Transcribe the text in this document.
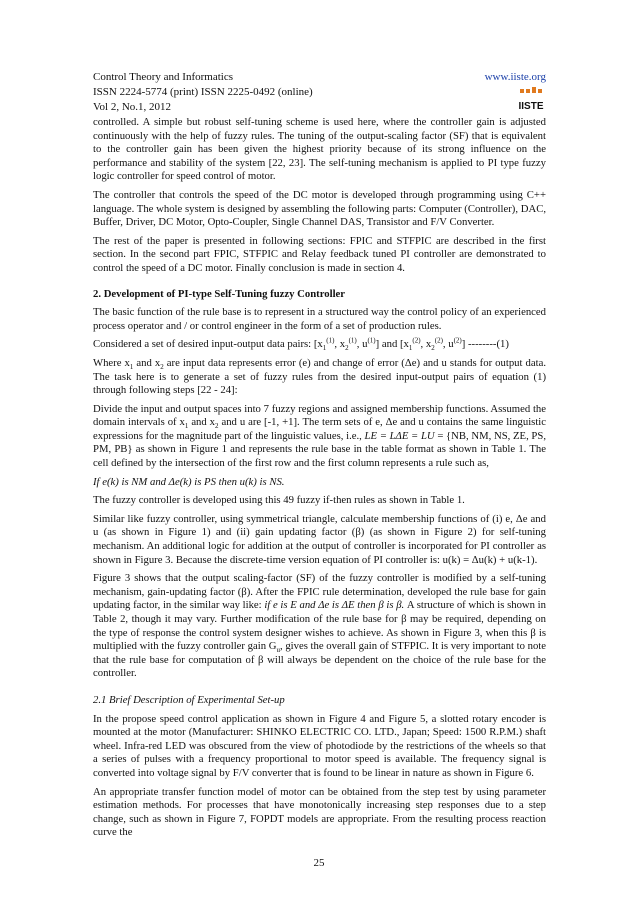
Control Theory and Informatics	www.iiste.org
ISSN 2224-5774 (print) ISSN 2225-0492 (online)
Vol 2, No.1, 2012	IISTE

controlled. A simple but robust self-tuning scheme is used here, where the controller gain is adjusted continuously with the help of fuzzy rules. The tuning of the output-scaling factor (SF) that is equivalent to the controller gain has been given the highest priority because of its strong influence on the performance and stability of the system [22, 23]. The self-tuning mechanism is applied to PI type fuzzy logic controller for speed control of motor.

The controller that controls the speed of the DC motor is developed through programming using C++ language. The whole system is designed by assembling the following parts: Computer (Controller), DAC, Buffer, Driver, DC Motor, Opto-Coupler, Single Channel DAS, Transistor and F/V Converter.

The rest of the paper is presented in following sections: FPIC and STFPIC are described in the first section. In the second part FPIC, STFPIC and Relay feedback tuned PI controller are demonstrated to control the speed of a DC motor. Finally conclusion is made in section 4.

2. Development of PI-type Self-Tuning fuzzy Controller

The basic function of the rule base is to represent in a structured way the control policy of an experienced process operator and / or control engineer in the form of a set of production rules.

Considered a set of desired input-output data pairs: [$x_1^{(1)}$, $x_2^{(1)}$, $u^{(1)}$] and [$x_1^{(2)}$, $x_2^{(2)}$, $u^{(2)}$] --------(1)

Where $x_1$ and $x_2$ are input data represents error (e) and change of error (Δe) and u stands for output data. The task here is to generate a set of fuzzy rules from the desired input-output pairs of equation (1) through following steps [22 - 24]:

Divide the input and output spaces into 7 fuzzy regions and assigned membership functions. Assumed the domain intervals of $x_1$ and $x_2$ and u are [-1, +1]. The term sets of e, Δe and u contains the same linguistic expressions for the magnitude part of the linguistic values, i.e., LE = LΔE = LU = {NB, NM, NS, ZE, PS, PM, PB} as shown in Figure 1 and represents the rule base in the table format as shown in Table 1. The cell defined by the intersection of the first row and the first column represents a rule such as,

If e(k) is NM and Δe(k) is PS then u(k) is NS.

The fuzzy controller is developed using this 49 fuzzy if-then rules as shown in Table 1.

Similar like fuzzy controller, using symmetrical triangle, calculate membership functions of (i) e, Δe and u (as shown in Figure 1) and (ii) gain updating factor (β) (as shown in Figure 2) for self-tuning mechanism. An additional logic for addition at the output of controller is incorporated for PI controller as shown in Figure 3. Because the discrete-time version equation of PI controller is: u(k) = Δu(k) + u(k-1).

Figure 3 shows that the output scaling-factor (SF) of the fuzzy controller is modified by a self-tuning mechanism, gain-updating factor (β). After the FPIC rule determination, developed the rule base for gain updating factor, in the similar way like: if e is E and Δe is ΔE then β is β. A structure of which is shown in Table 2, though it may vary. Further modification of the rule base for β may be required, depending on the type of response the control system designer wishes to achieve. As shown in Figure 3, when this β is multiplied with the fuzzy controller gain $G_u$, gives the overall gain of STFPIC. It is very important to note that the rule base for computation of β will always be dependent on the choice of the rule base for the controller.

2.1 Brief Description of Experimental Set-up

In the propose speed control application as shown in Figure 4 and Figure 5, a slotted rotary encoder is mounted at the motor (Manufacturer: SHINKO ELECTRIC CO. LTD., Japan; Speed: 1500 R.P.M.) shaft wheel. Infra-red LED was obscured from the view of photodiode by the restrictions of the wheels so that a series of pulses with a frequency proportional to motor speed is available. The frequency signal is converted into voltage signal by F/V converter that is found to be linear in nature as shown in Figure 6.

An appropriate transfer function model of motor can be obtained from the step test by using parameter estimation methods. For processes that have monotonically increasing step responses due to a step change, such as shown in Figure 7, FOPDT models are appropriate. From the resulting process reaction curve the

25
